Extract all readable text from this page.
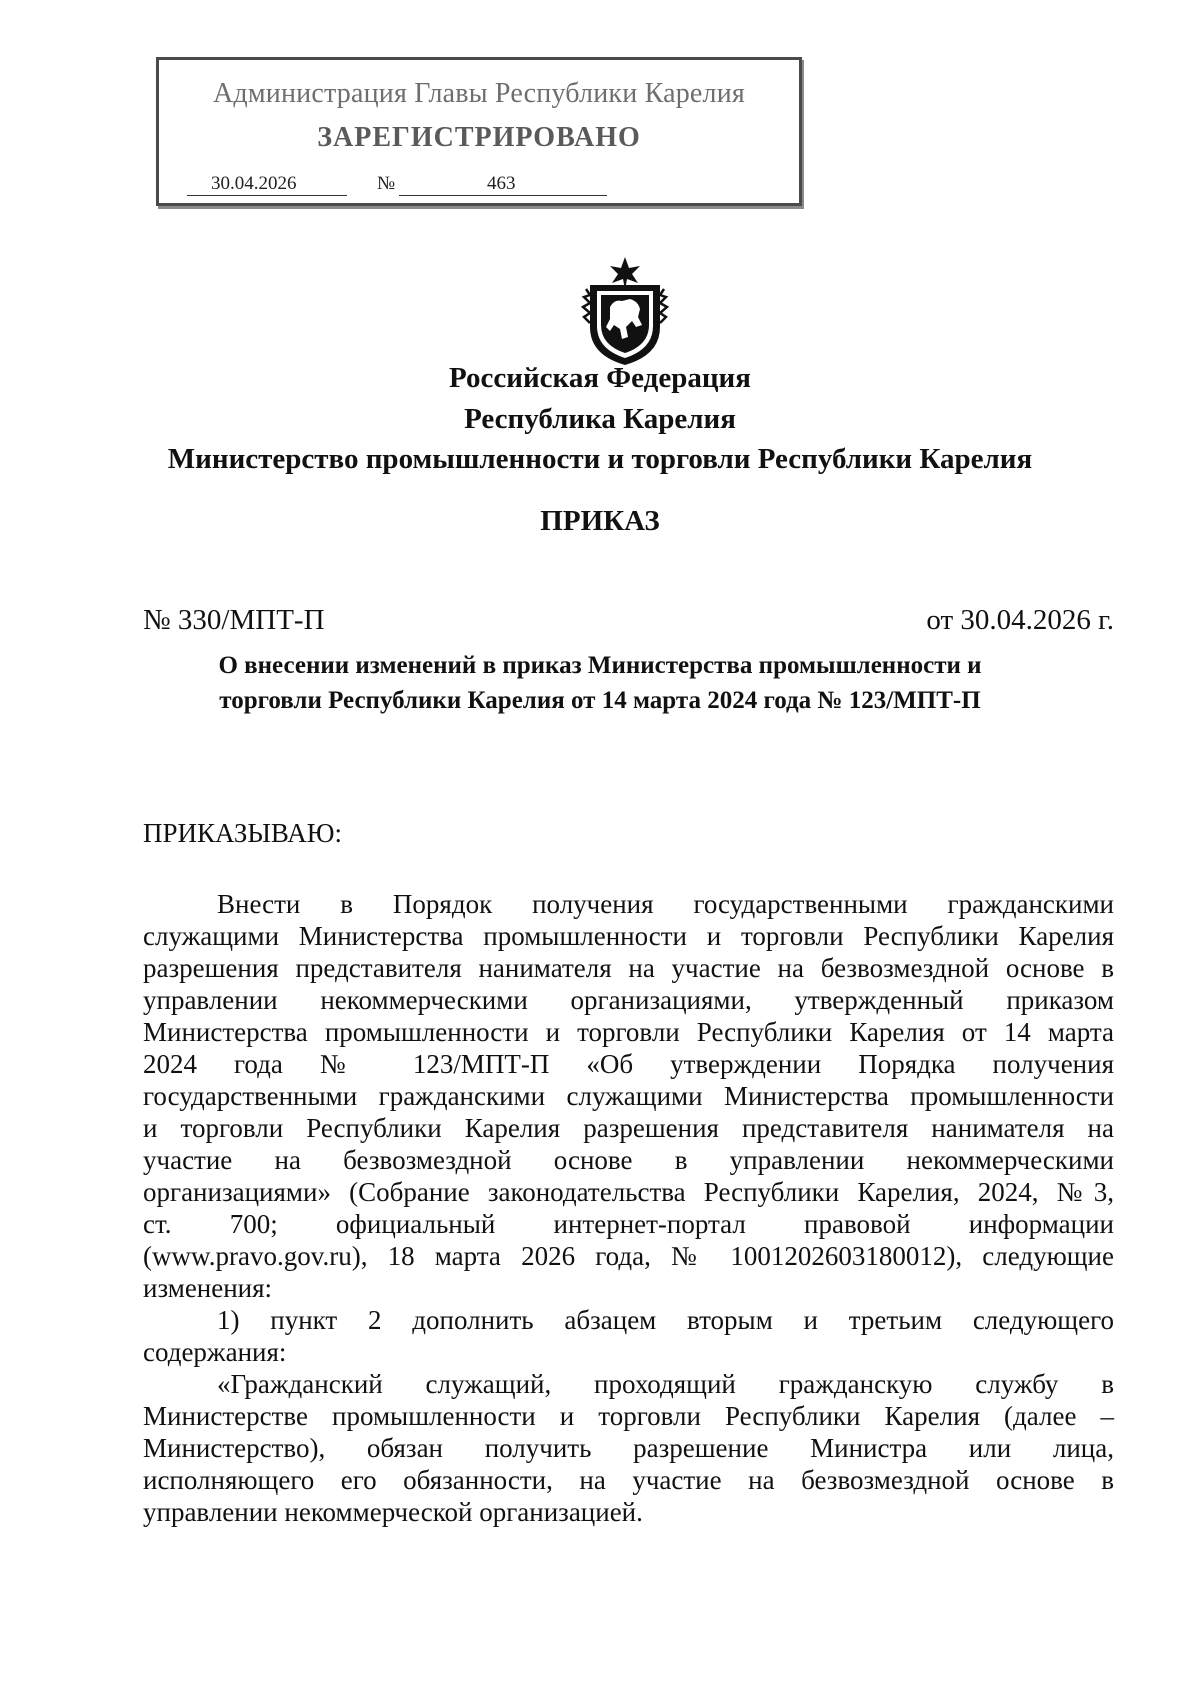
Администрация Главы Республики Карелия
ЗАРЕГИСТРИРОВАНО
30.04.2026	№	463
Российская Федерация
Республика Карелия
Министерство промышленности и торговли Республики Карелия
ПРИКАЗ
№ 330/МПТ-П	от 30.04.2026 г.
О внесении изменений в приказ Министерства промышленности и
торговли Республики Карелия от 14 марта 2024 года № 123/МПТ-П
ПРИКАЗЫВАЮ:
Внести в Порядок получения государственными гражданскими
служащими Министерства промышленности и торговли Республики Карелия
разрешения представителя нанимателя на участие на безвозмездной основе в
управлении некоммерческими организациями, утвержденный приказом
Министерства промышленности и торговли Республики Карелия от 14 марта
2024 года № 123/МПТ-П «Об утверждении Порядка получения
государственными гражданскими служащими Министерства промышленности
и торговли Республики Карелия разрешения представителя нанимателя на
участие на безвозмездной основе в управлении некоммерческими
организациями» (Собрание законодательства Республики Карелия, 2024, №3,
ст. 700; официальный интернет-портал правовой информации
(www.pravo.gov.ru), 18 марта 2026 года, № 1001202603180012), следующие
изменения:
1) пункт 2 дополнить абзацем вторым и третьим следующего
содержания:
«Гражданский служащий, проходящий гражданскую службу в
Министерстве промышленности и торговли Республики Карелия (далее –
Министерство), обязан получить разрешение Министра или лица,
исполняющего его обязанности, на участие на безвозмездной основе в
управлении некоммерческой организацией.
